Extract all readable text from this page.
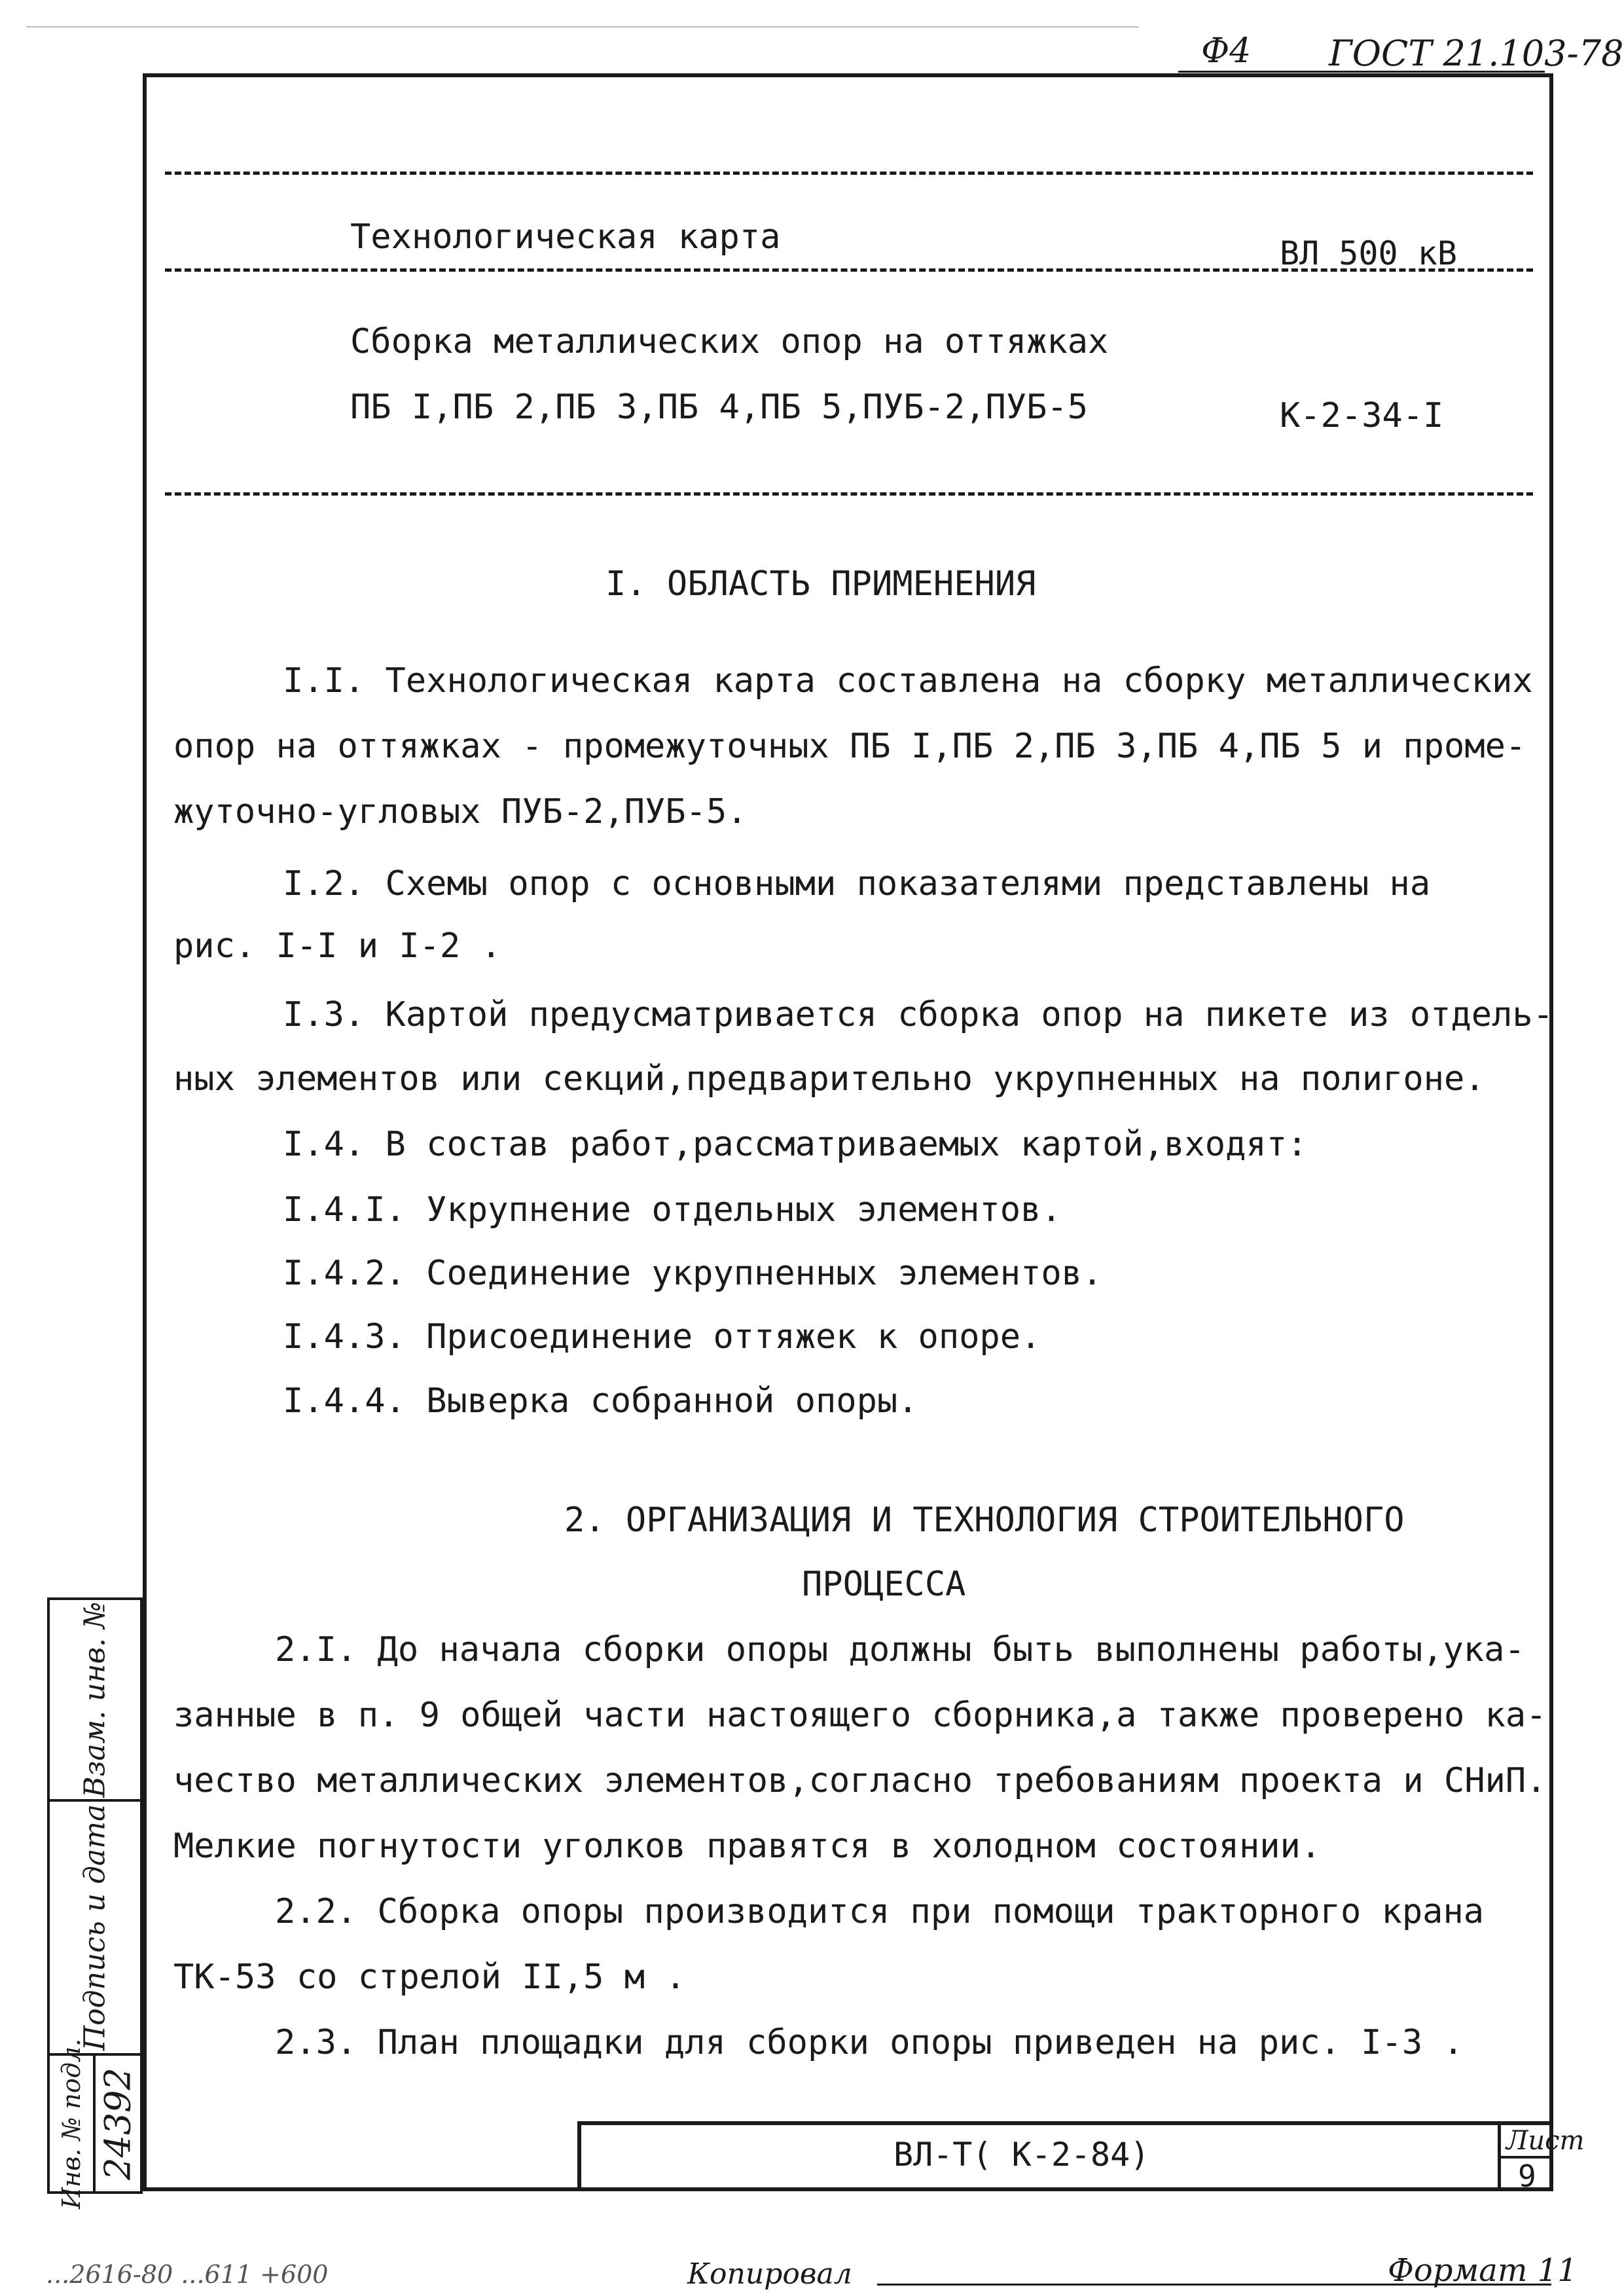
Ф4 ГОСТ 21.103-78
Технологическая карта	ВЛ 500 кВ
Сборка металлических опор на оттяжках
ПБ I,ПБ 2,ПБ 3,ПБ 4,ПБ 5,ПУБ-2,ПУБ-5	К-2-34-I
I. ОБЛАСТЬ ПРИМЕНЕНИЯ
I.I. Технологическая карта составлена на сборку металлических
опор на оттяжках - промежуточных ПБ I,ПБ 2,ПБ 3,ПБ 4,ПБ 5 и проме-
жуточно-угловых ПУБ-2,ПУБ-5.
I.2. Схемы опор с основными показателями представлены на
рис. I-I и I-2 .
I.3. Картой предусматривается сборка опор на пикете из отдель-
ных элементов или секций,предварительно укрупненных на полигоне.
I.4. В состав работ,рассматриваемых картой,входят:
I.4.I. Укрупнение отдельных элементов.
I.4.2. Соединение укрупненных элементов.
I.4.3. Присоединение оттяжек к опоре.
I.4.4. Выверка собранной опоры.
2. ОРГАНИЗАЦИЯ И ТЕХНОЛОГИЯ СТРОИТЕЛЬНОГО
ПРОЦЕССА
2.I. До начала сборки опоры должны быть выполнены работы,ука-
занные в п. 9 общей части настоящего сборника,а также проверено ка-
чество металлических элементов,согласно требованиям проекта и СНиП.
Мелкие погнутости уголков правятся в холодном состоянии.
2.2. Сборка опоры производится при помощи тракторного крана
ТК-53 со стрелой II,5 м .
2.3. План площадки для сборки опоры приведен на рис. I-3 .
Взам. инв. №
Подпись и дата
Инв. № подл. 24392	ВЛ-Т( К-2-84)	Лист
9
...2616-80 ...611 +600	Копировал	Формат 11
